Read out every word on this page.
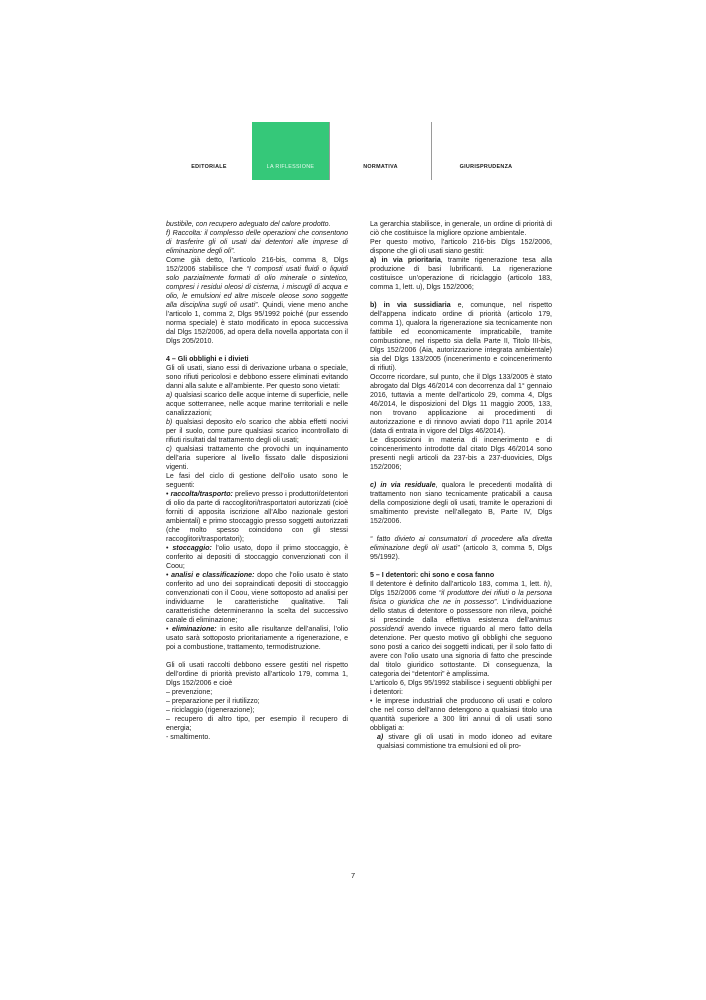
EDITORIALE	LA RIFLESSIONE	NORMATIVA	GIURISPRUDENZA

bustibile, con recupero adeguato del calore prodotto.

f) Raccolta: il complesso delle operazioni che consentono di trasferire gli oli usati dai detentori alle imprese di eliminazione degli oli”.

Come già detto, l’articolo 216-bis, comma 8, Dlgs 152/2006 stabilisce che “I composti usati fluidi o liquidi solo parzialmente formati di olio minerale o sintetico, compresi i residui oleosi di cisterna, i miscugli di acqua e olio, le emulsioni ed altre miscele oleose sono soggette alla disciplina sugli oli usati”. Quindi, viene meno anche l’articolo 1, comma 2, Dlgs 95/1992 poiché (pur essendo norma speciale) è stato modificato in epoca successiva dal Dlgs 152/2006, ad opera della novella apportata con il Dlgs 205/2010.

4 – Gli obblighi e i divieti

Gli oli usati, siano essi di derivazione urbana o speciale, sono rifiuti pericolosi e debbono essere eliminati evitando danni alla salute e all’ambiente. Per questo sono vietati:

a) qualsiasi scarico delle acque interne di superficie, nelle acque sotterranee, nelle acque marine territoriali e nelle canalizzazioni;

b) qualsiasi deposito e/o scarico che abbia effetti nocivi per il suolo, come pure qualsiasi scarico incontrollato di rifiuti risultati dal trattamento degli oli usati;

c) qualsiasi trattamento che provochi un inquinamento dell’aria superiore al livello fissato dalle disposizioni vigenti.

Le fasi del ciclo di gestione dell’olio usato sono le seguenti:

• raccolta/trasporto: prelievo presso i produttori/detentori di olio da parte di raccoglitori/trasportatori autorizzati (cioè forniti di apposita iscrizione all’Albo nazionale gestori ambientali) e primo stoccaggio presso soggetti autorizzati (che molto spesso coincidono con gli stessi raccoglitori/trasportatori);

• stoccaggio: l’olio usato, dopo il primo stoccaggio, è conferito ai depositi di stoccaggio convenzionati con il Coou;

• analisi e classificazione: dopo che l’olio usato è stato conferito ad uno dei sopraindicati depositi di stoccaggio convenzionati con il Coou, viene sottoposto ad analisi per individuarne le caratteristiche qualitative. Tali caratteristiche determineranno la scelta del successivo canale di eliminazione;

• eliminazione: in esito alle risultanze dell’analisi, l’olio usato sarà sottoposto prioritariamente a rigenerazione, e poi a combustione, trattamento, termodistruzione.

Gli oli usati raccolti debbono essere gestiti nel rispetto dell’ordine di priorità previsto all’articolo 179, comma 1, Dlgs 152/2006 e cioè

– prevenzione;

– preparazione per il riutilizzo;

– riciclaggio (rigenerazione);

– recupero di altro tipo, per esempio il recupero di energia;

- smaltimento.

La gerarchia stabilisce, in generale, un ordine di priorità di ciò che costituisce la migliore opzione ambientale.

Per questo motivo, l’articolo 216-bis Dlgs 152/2006, dispone che gli oli usati siano gestiti:

a) in via prioritaria, tramite rigenerazione tesa alla produzione di basi lubrificanti. La rigenerazione costituisce un’operazione di riciclaggio (articolo 183, comma 1, lett. u), Dlgs 152/2006;

b) in via sussidiaria e, comunque, nel rispetto dell’appena indicato ordine di priorità (articolo 179, comma 1), qualora la rigenerazione sia tecnicamente non fattibile ed economicamente impraticabile, tramite combustione, nel rispetto sia della Parte II, Titolo III-bis, Dlgs 152/2006 (Aia, autorizzazione integrata ambientale) sia del Dlgs 133/2005 (incenerimento e coincenerimento di rifiuti).

Occorre ricordare, sul punto, che il Dlgs 133/2005 è stato abrogato dal Dlgs 46/2014 con decorrenza dal 1° gennaio 2016, tuttavia a mente dell’articolo 29, comma 4, Dlgs 46/2014, le disposizioni del Dlgs 11 maggio 2005, 133, non trovano applicazione ai procedimenti di autorizzazione e di rinnovo avviati dopo l’11 aprile 2014 (data di entrata in vigore del Dlgs 46/2014).

Le disposizioni in materia di incenerimento e di coincenerimento introdotte dal citato Dlgs 46/2014 sono presenti negli articoli da 237-bis a 237-duovicies, Dlgs 152/2006;

c) in via residuale, qualora le precedenti modalità di trattamento non siano tecnicamente praticabili a causa della composizione degli oli usati, tramite le operazioni di smaltimento previste nell’allegato B, Parte IV, Dlgs 152/2006.

“ fatto divieto ai consumatori di procedere alla diretta eliminazione degli oli usati” (articolo 3, comma 5, Dlgs 95/1992).

5 – I detentori: chi sono e cosa fanno

Il detentore è definito dall’articolo 183, comma 1, lett. h), Dlgs 152/2006 come “il produttore dei rifiuti o la persona fisica o giuridica che ne in possesso”. L’individuazione dello status di detentore o possessore non rileva, poiché si prescinde dalla effettiva esistenza dell’animus possidendi avendo invece riguardo al mero fatto della detenzione. Per questo motivo gli obblighi che seguono sono posti a carico dei soggetti indicati, per il solo fatto di avere con l’olio usato una signoria di fatto che prescinde dal titolo giuridico sottostante. Di conseguenza, la categoria dei “detentori” è amplissima.

L’articolo 6, Dlgs 95/1992 stabilisce i seguenti obblighi per i detentori:

• le imprese industriali che producono oli usati e coloro che nel corso dell’anno detengono a qualsiasi titolo una quantità superiore a 300 litri annui di oli usati sono obbligati a:

a) stivare gli oli usati in modo idoneo ad evitare qualsiasi commistione tra emulsioni ed oli pro-

7
